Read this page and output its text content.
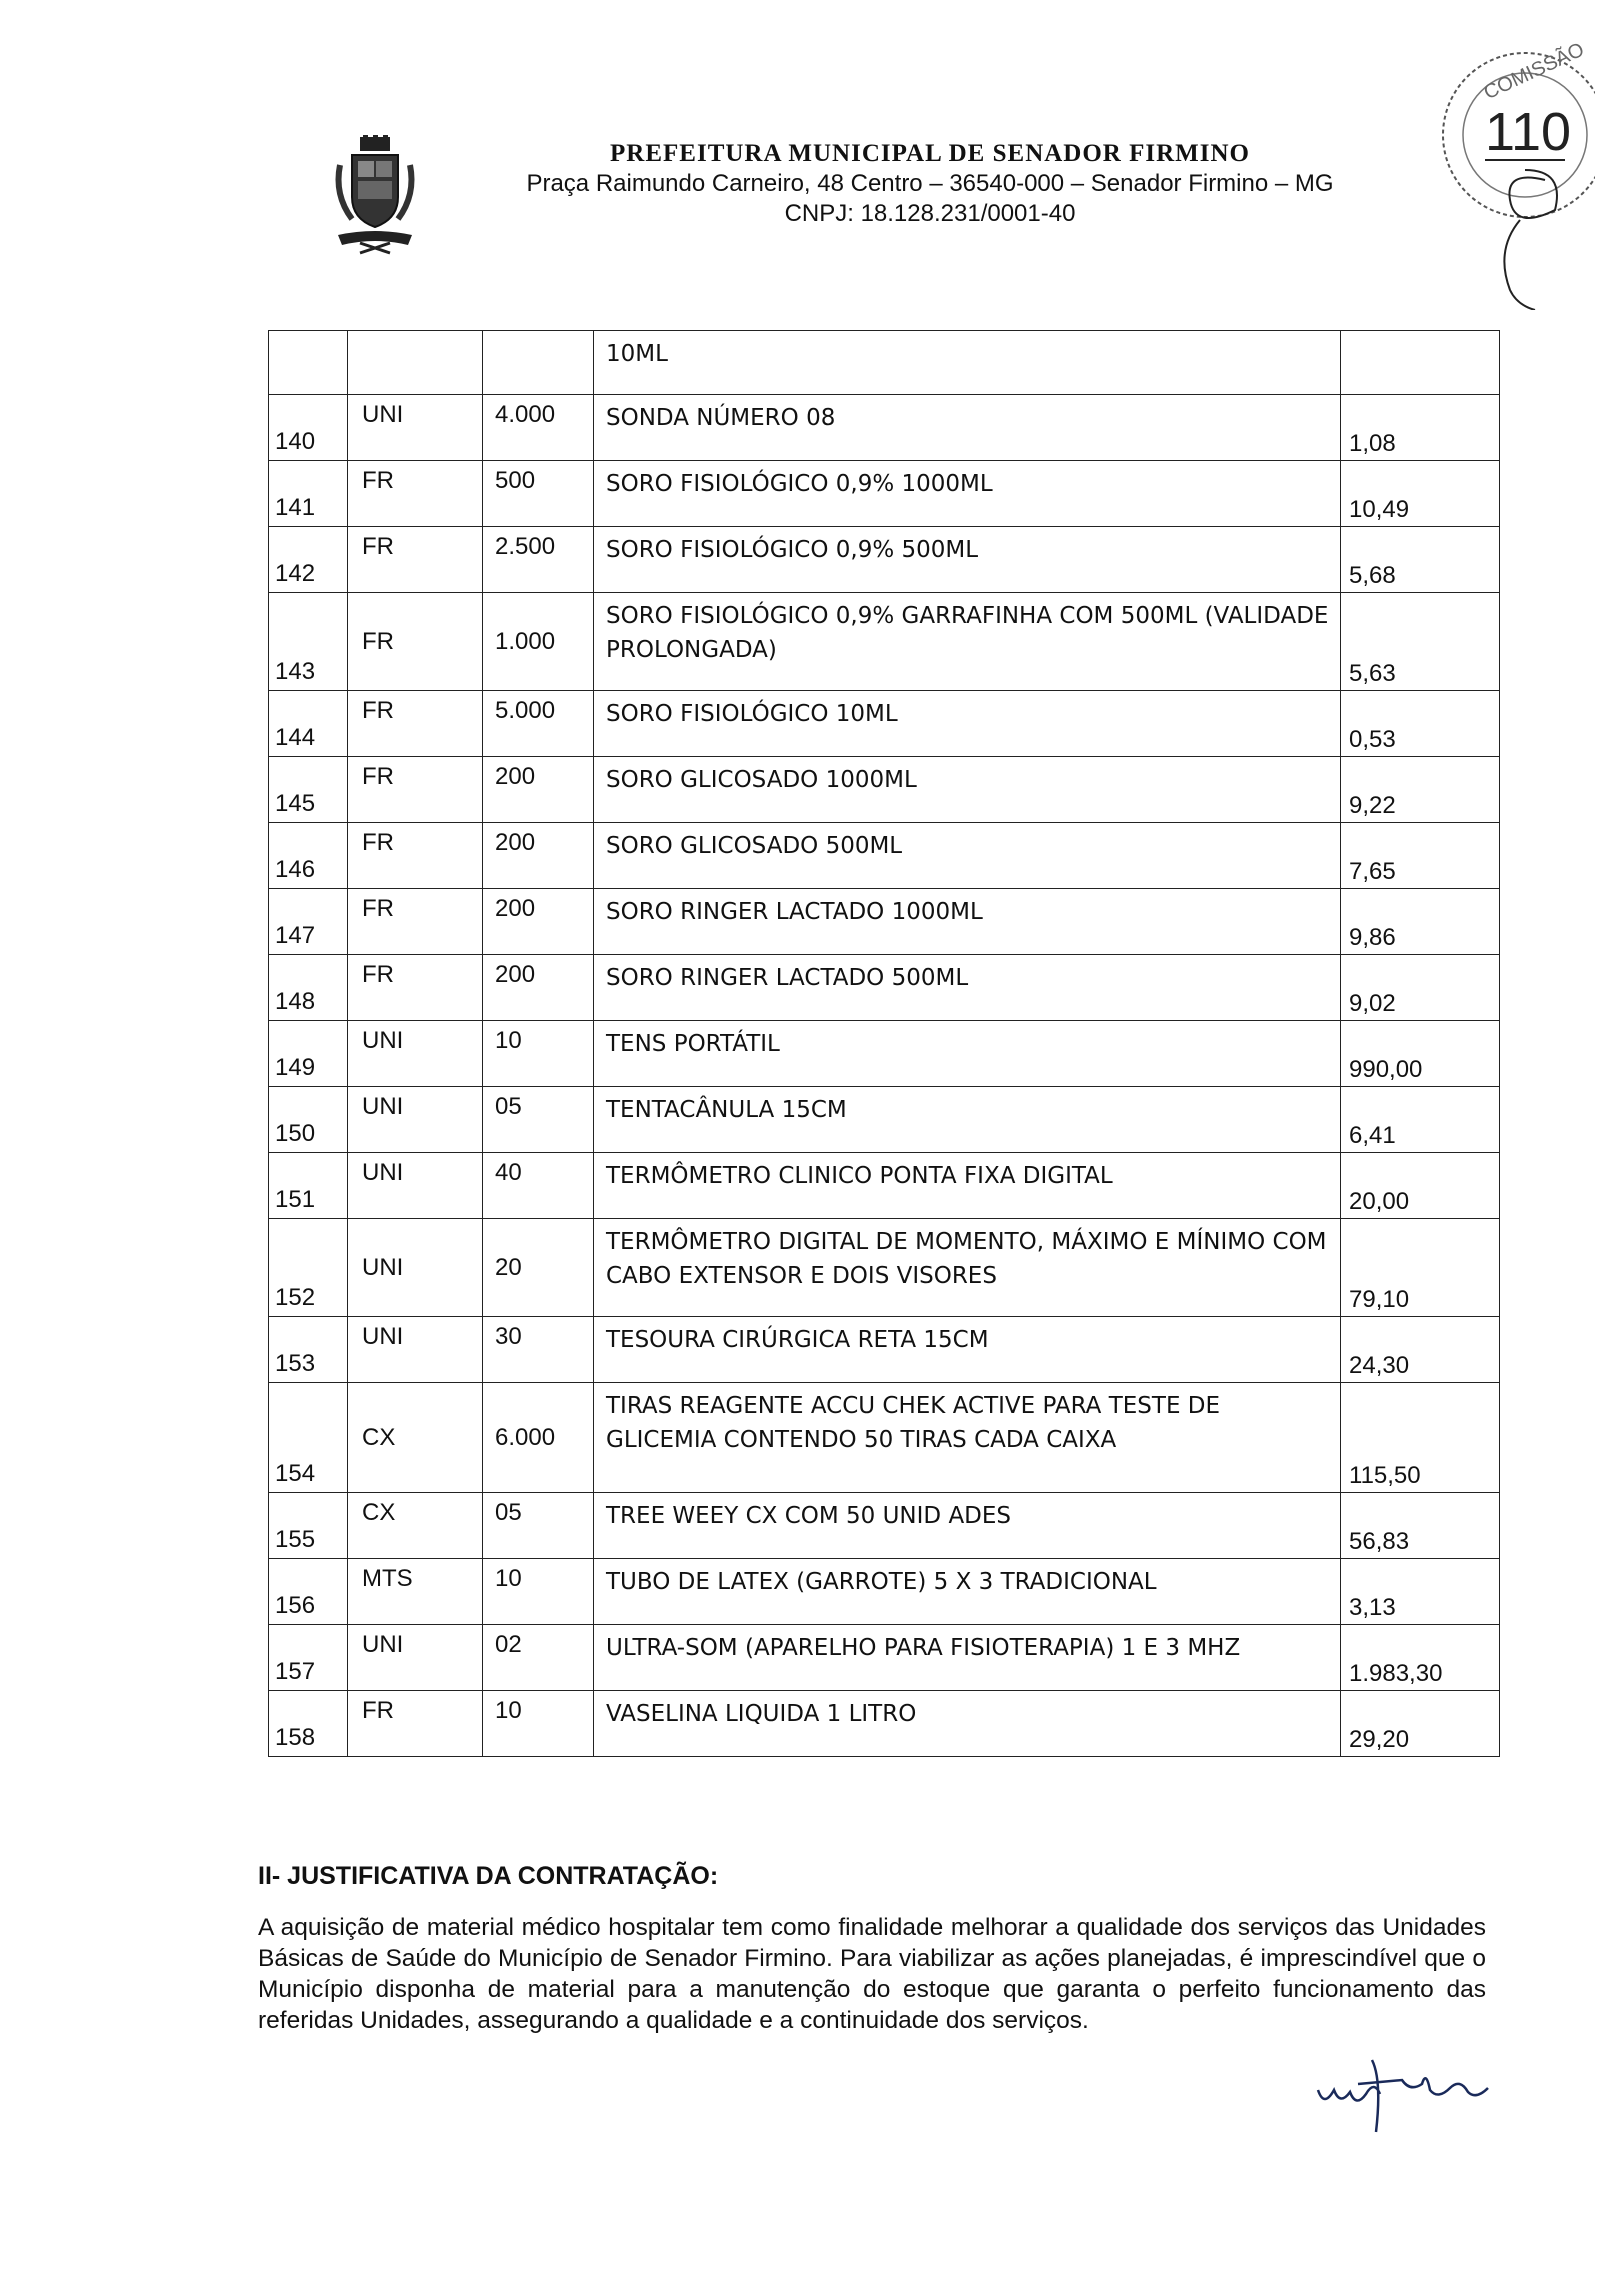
PREFEITURA MUNICIPAL DE SENADOR FIRMINO
Praça Raimundo Carneiro, 48 Centro – 36540-000 – Senador Firmino – MG
CNPJ: 18.128.231/0001-40
COMISSÃO
110
			10ML	
140	UNI	4.000	SONDA NÚMERO 08	1,08
141	FR	500	SORO FISIOLÓGICO 0,9% 1000ML	10,49
142	FR	2.500	SORO FISIOLÓGICO 0,9% 500ML	5,68
143	FR	1.000	SORO FISIOLÓGICO 0,9% GARRAFINHA COM 500ML (VALIDADE PROLONGADA)	5,63
144	FR	5.000	SORO FISIOLÓGICO 10ML	0,53
145	FR	200	SORO GLICOSADO 1000ML	9,22
146	FR	200	SORO GLICOSADO 500ML	7,65
147	FR	200	SORO RINGER LACTADO 1000ML	9,86
148	FR	200	SORO RINGER LACTADO 500ML	9,02
149	UNI	10	TENS PORTÁTIL	990,00
150	UNI	05	TENTACÂNULA 15CM	6,41
151	UNI	40	TERMÔMETRO CLINICO PONTA FIXA DIGITAL	20,00
152	UNI	20	TERMÔMETRO DIGITAL DE MOMENTO, MÁXIMO E MÍNIMO COM CABO EXTENSOR E DOIS VISORES	79,10
153	UNI	30	TESOURA CIRÚRGICA RETA 15CM	24,30
154	CX	6.000	TIRAS REAGENTE ACCU CHEK ACTIVE PARA TESTE DE GLICEMIA CONTENDO 50 TIRAS CADA CAIXA	115,50
155	CX	05	TREE WEEY CX COM 50 UNID ADES	56,83
156	MTS	10	TUBO DE LATEX (GARROTE) 5 X 3 TRADICIONAL	3,13
157	UNI	02	ULTRA-SOM (APARELHO PARA FISIOTERAPIA) 1 E 3 MHZ	1.983,30
158	FR	10	VASELINA LIQUIDA 1 LITRO	29,20
II- JUSTIFICATIVA DA CONTRATAÇÃO:
A aquisição de material médico hospitalar tem como finalidade melhorar a qualidade dos serviços das Unidades Básicas de Saúde do Município de Senador Firmino. Para viabilizar as ações planejadas, é imprescindível que o Município disponha de material para a manutenção do estoque que garanta o perfeito funcionamento das referidas Unidades, assegurando a qualidade e a continuidade dos serviços.
